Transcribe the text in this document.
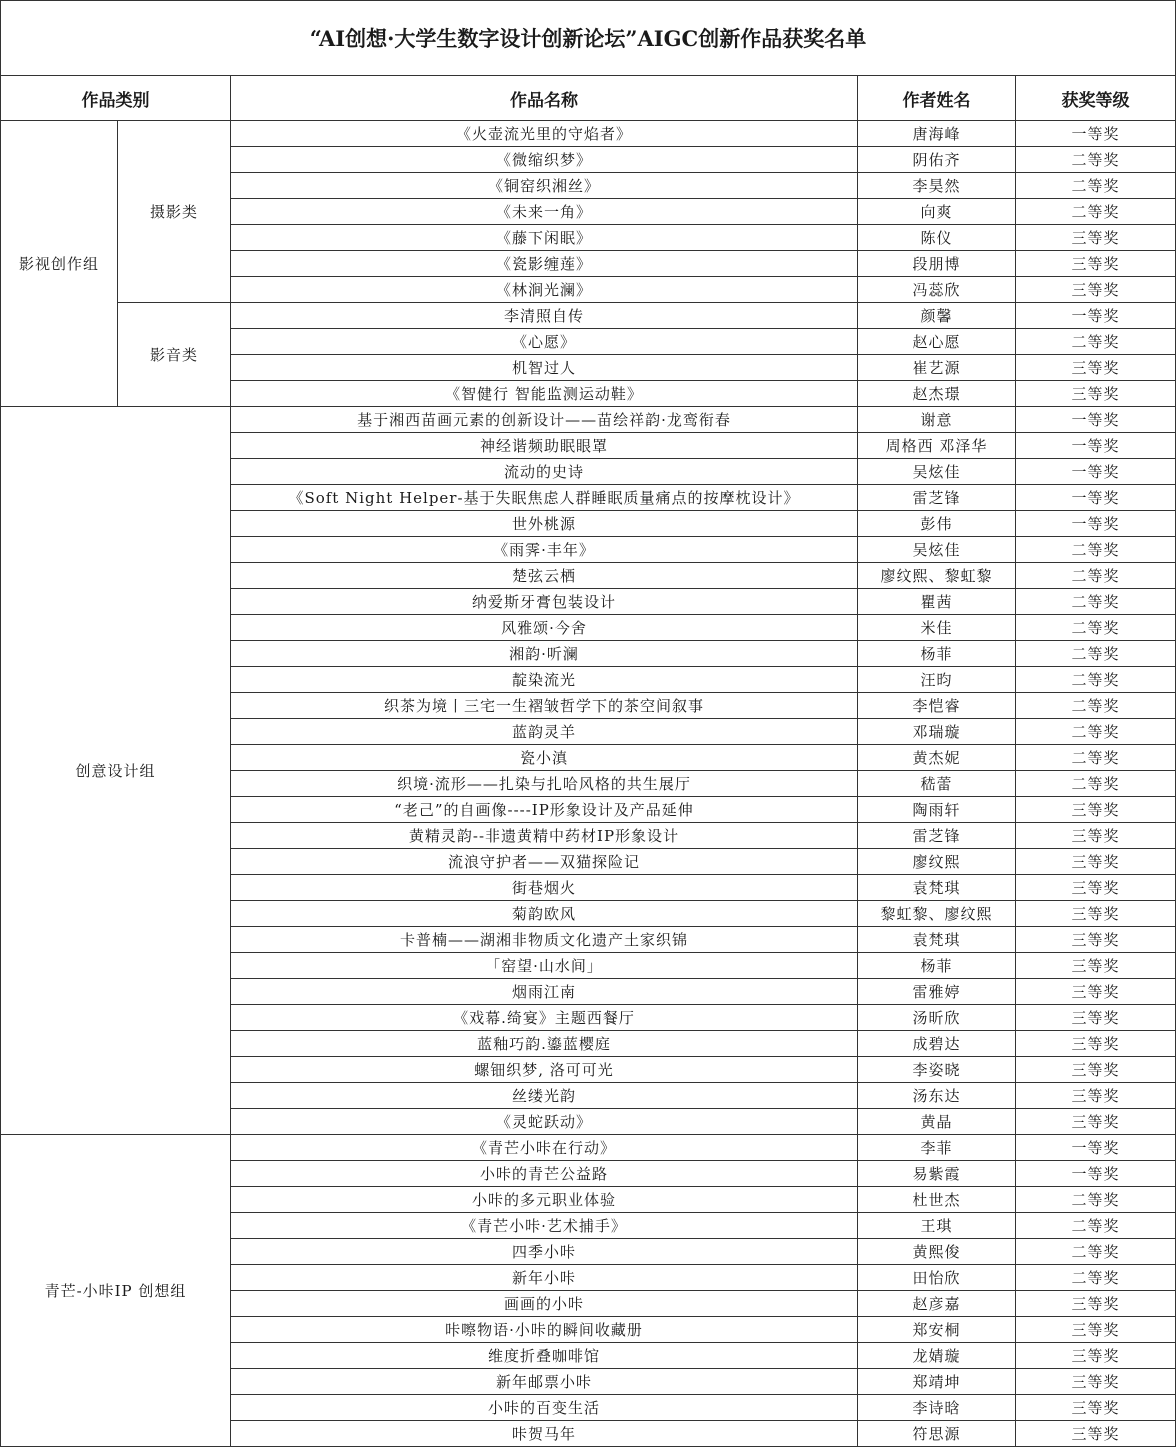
“AI创想·大学生数字设计创新论坛”AIGC创新作品获奖名单				
作品类别		作品名称	作者姓名	获奖等级
影视创作组	摄影类	《火壶流光里的守焰者》	唐海峰	一等奖
		《微缩织梦》	阴佑齐	二等奖
		《铜窑织湘丝》	李昊然	二等奖
		《未来一角》	向爽	二等奖
		《藤下闲眠》	陈仪	三等奖
		《瓷影缠莲》	段朋博	三等奖
		《林涧光澜》	冯蕊欣	三等奖
	影音类	李清照自传	颜馨	一等奖
		《心愿》	赵心愿	二等奖
		机智过人	崔艺源	三等奖
		《智健行 智能监测运动鞋》	赵杰璟	三等奖
创意设计组		基于湘西苗画元素的创新设计——苗绘祥韵·龙鸾衔春	谢意	一等奖
		神经谐频助眠眼罩	周格西 邓泽华	一等奖
		流动的史诗	吴炫佳	一等奖
		《Soft Night Helper-基于失眠焦虑人群睡眠质量痛点的按摩枕设计》	雷芝锋	一等奖
		世外桃源	彭伟	一等奖
		《雨霁·丰年》	吴炫佳	二等奖
		楚弦云栖	廖纹熙、黎虹黎	二等奖
		纳爱斯牙膏包装设计	瞿茜	二等奖
		风雅颂·今舍	米佳	二等奖
		湘韵·听澜	杨菲	二等奖
		靛染流光	汪昀	二等奖
		织茶为境丨三宅一生褶皱哲学下的茶空间叙事	李恺睿	二等奖
		蓝韵灵羊	邓瑞璇	二等奖
		瓷小滇	黄杰妮	二等奖
		织境·流形——扎染与扎哈风格的共生展厅	嵇蕾	二等奖
		“老己”的自画像----IP形象设计及产品延伸	陶雨轩	三等奖
		黄精灵韵--非遗黄精中药材IP形象设计	雷芝锋	三等奖
		流浪守护者——双猫探险记	廖纹熙	三等奖
		街巷烟火	袁梵琪	三等奖
		菊韵欧风	黎虹黎、廖纹熙	三等奖
		卡普楠——湖湘非物质文化遗产土家织锦	袁梵琪	三等奖
		「窑望·山水间」	杨菲	三等奖
		烟雨江南	雷雅婷	三等奖
		《戏幕.绮宴》主题西餐厅	汤昕欣	三等奖
		蓝釉巧韵.鎏蓝樱庭	成碧达	三等奖
		螺钿织梦, 洛可可光	李姿晓	三等奖
		丝缕光韵	汤东达	三等奖
		《灵蛇跃动》	黄晶	三等奖
青芒-小咔IP 创想组		《青芒小咔在行动》	李菲	一等奖
		小咔的青芒公益路	易紫霞	一等奖
		小咔的多元职业体验	杜世杰	二等奖
		《青芒小咔·艺术捕手》	王琪	二等奖
		四季小咔	黄熙俊	二等奖
		新年小咔	田怡欣	二等奖
		画画的小咔	赵彦嘉	三等奖
		咔嚓物语·小咔的瞬间收藏册	郑安桐	三等奖
		维度折叠咖啡馆	龙婧璇	三等奖
		新年邮票小咔	郑靖坤	三等奖
		小咔的百变生活	李诗晗	三等奖
		咔贺马年	符思源	三等奖
